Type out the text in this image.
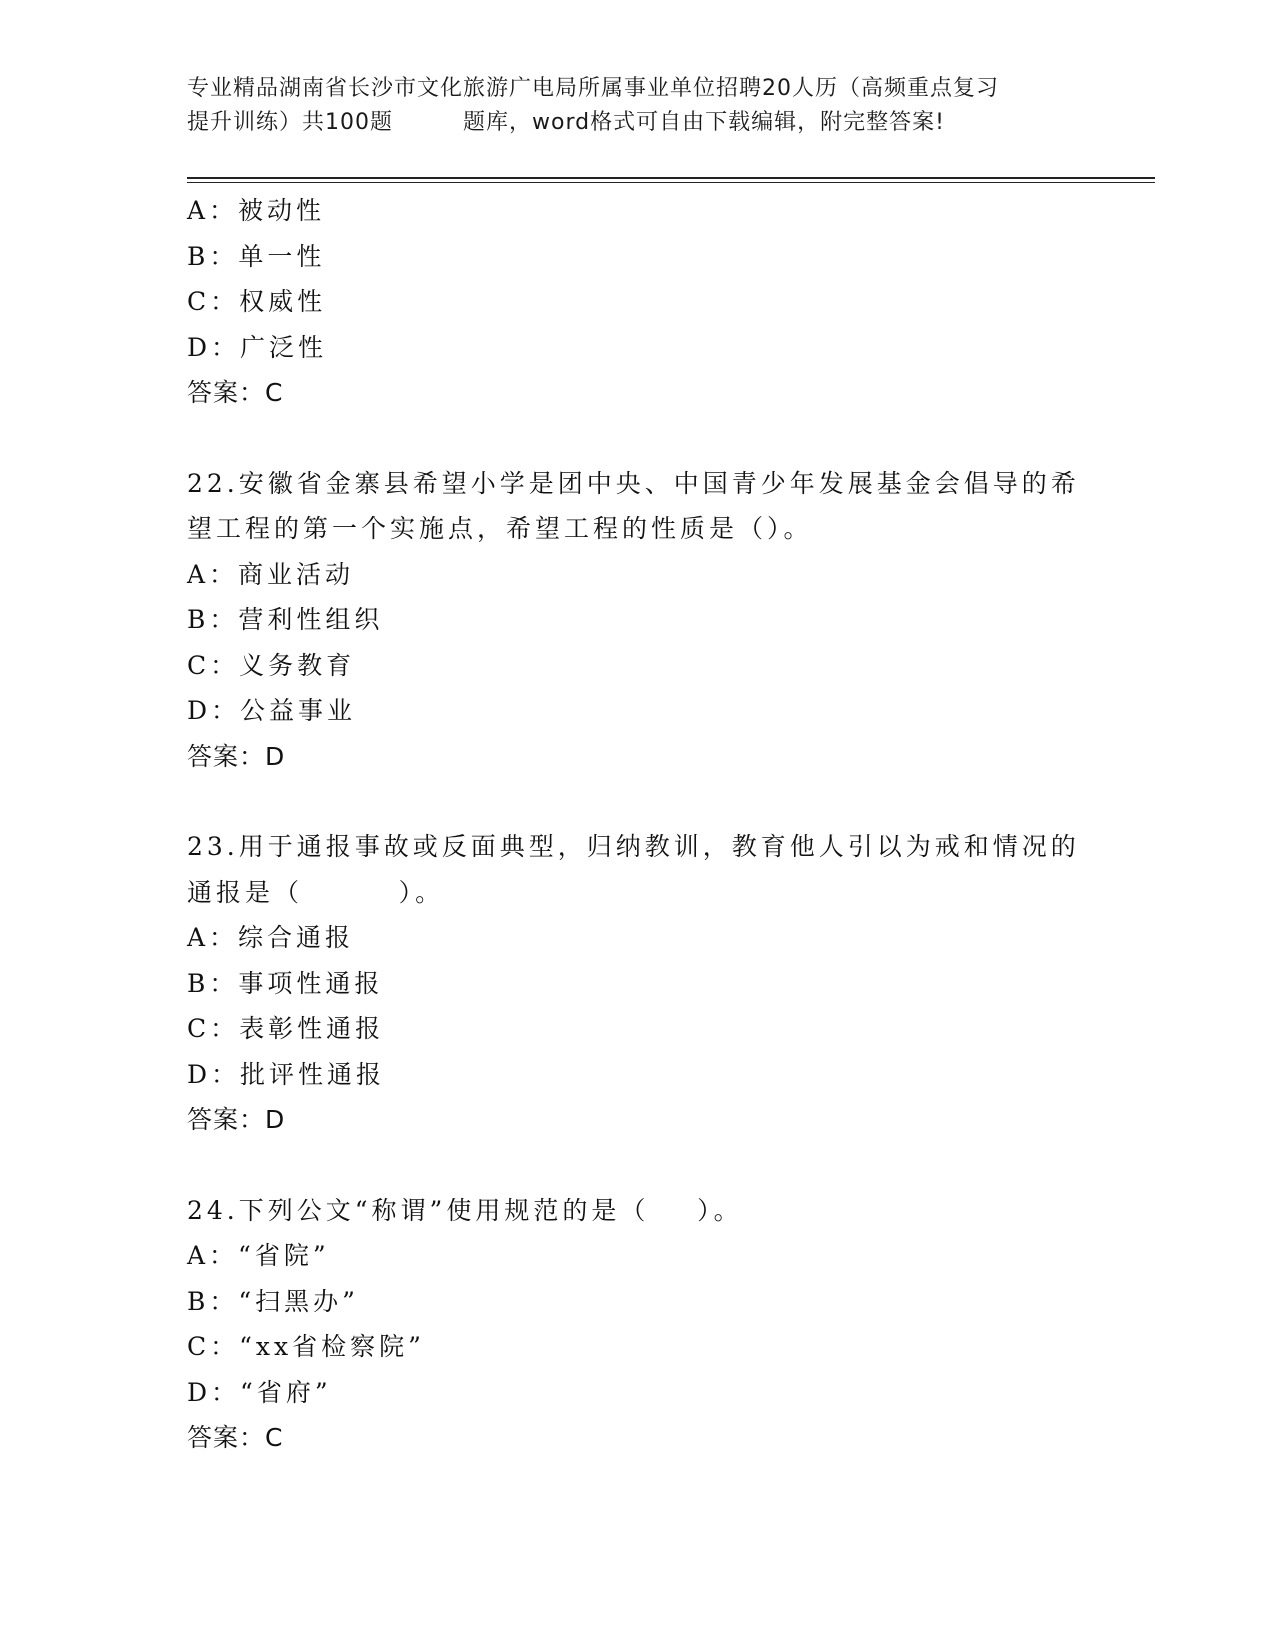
专业精品湖南省长沙市文化旅游广电局所属事业单位招聘20人历（高频重点复习
提升训练）共100题	题库，word格式可自由下载编辑，附完整答案!
A：被动性
B：单一性
C：权威性
D：广泛性
答案：C
22.安徽省金寨县希望小学是团中央、中国青少年发展基金会倡导的希
望工程的第一个实施点，希望工程的性质是（）。
A：商业活动
B：营利性组织
C：义务教育
D：公益事业
答案：D
23.用于通报事故或反面典型，归纳教训，教育他人引以为戒和情况的
通报是（        ）。
A：综合通报
B：事项性通报
C：表彰性通报
D：批评性通报
答案：D
24.下列公文“称谓”使用规范的是（    ）。
A：“省院”
B：“扫黑办”
C：“xx省检察院”
D：“省府”
答案：C
